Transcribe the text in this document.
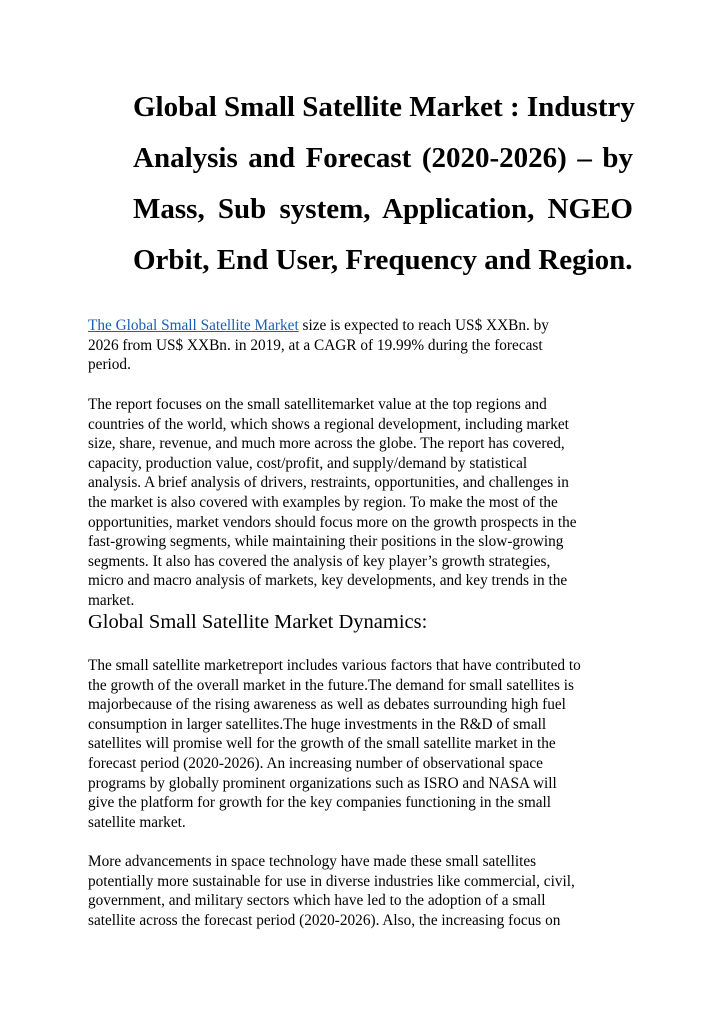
Global Small Satellite Market : Industry
Analysis and Forecast (2020-2026) – by
Mass, Sub system, Application, NGEO
Orbit, End User, Frequency and Region.
The Global Small Satellite Market size is expected to reach US$ XXBn. by
2026 from US$ XXBn. in 2019, at a CAGR of 19.99% during the forecast
period.
The report focuses on the small satellitemarket value at the top regions and
countries of the world, which shows a regional development, including market
size, share, revenue, and much more across the globe. The report has covered,
capacity, production value, cost/profit, and supply/demand by statistical
analysis. A brief analysis of drivers, restraints, opportunities, and challenges in
the market is also covered with examples by region. To make the most of the
opportunities, market vendors should focus more on the growth prospects in the
fast-growing segments, while maintaining their positions in the slow-growing
segments. It also has covered the analysis of key player’s growth strategies,
micro and macro analysis of markets, key developments, and key trends in the
market.
Global Small Satellite Market Dynamics:
The small satellite marketreport includes various factors that have contributed to
the growth of the overall market in the future.The demand for small satellites is
majorbecause of the rising awareness as well as debates surrounding high fuel
consumption in larger satellites.The huge investments in the R&D of small
satellites will promise well for the growth of the small satellite market in the
forecast period (2020-2026). An increasing number of observational space
programs by globally prominent organizations such as ISRO and NASA will
give the platform for growth for the key companies functioning in the small
satellite market.
More advancements in space technology have made these small satellites
potentially more sustainable for use in diverse industries like commercial, civil,
government, and military sectors which have led to the adoption of a small
satellite across the forecast period (2020-2026). Also, the increasing focus on
